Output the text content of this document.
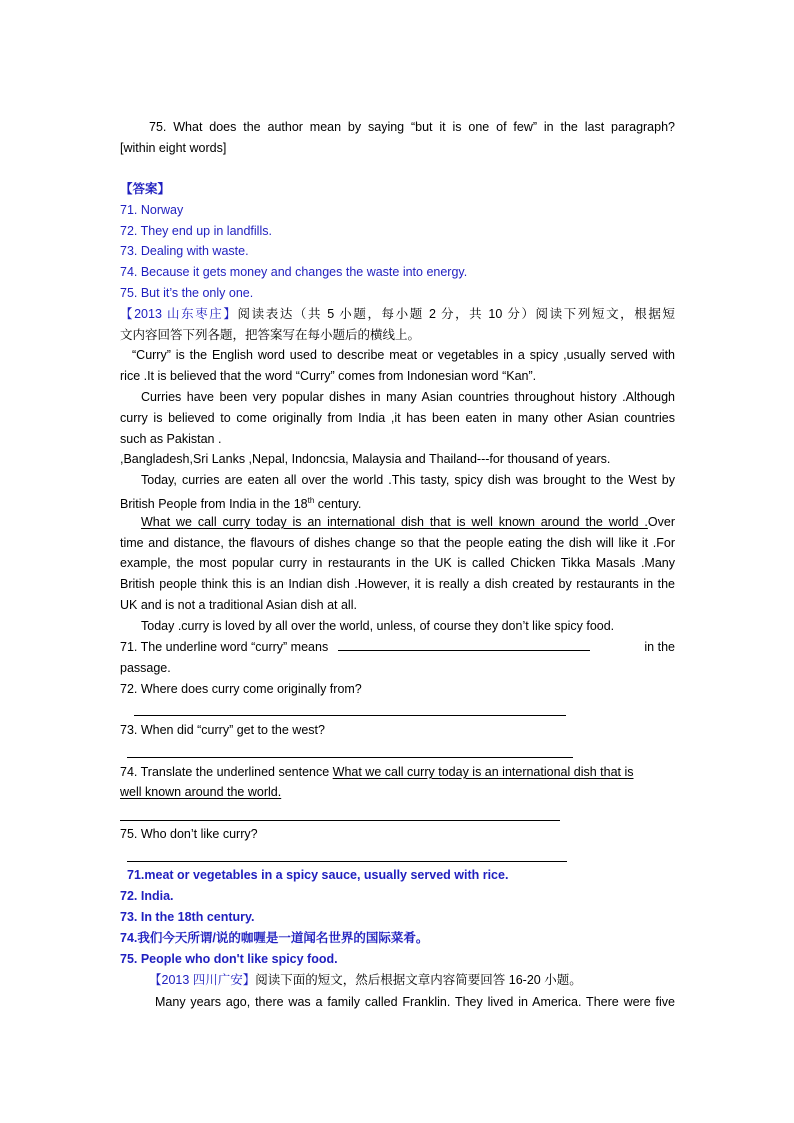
75. What does the author mean by saying “but it is one of few” in the last paragraph?
[within eight words]
【答案】
71. Norway
72. They end up in landfills.
73. Dealing with waste.
74. Because it gets money and changes the waste into energy.
75. But it’s the only one.
【2013 山东枣庄】阅读表达（共 5 小题，每小题 2 分，共 10 分）阅读下列短文，根据短
文内容回答下列各题，把答案写在每小题后的横线上。
“Curry” is the English word used to describe meat or vegetables in a spicy ,usually served with
rice .It is believed that the word “Curry” comes from Indonesian word “Kan”.
Curries have been very popular dishes in many Asian countries throughout history .Although
curry is believed to come originally from India ,it has been eaten in many other Asian countries
such as Pakistan .
,Bangladesh,Sri Lanks ,Nepal, Indoncsia, Malaysia and Thailand---for thousand of years.
Today, curries are eaten all over the world .This tasty, spicy dish was brought to the West by
British People from India in the 18th century.
What we call curry today is an international dish that is well known around the world .Over
time and distance, the flavours of dishes change so that the people eating the dish will like it .For
example, the most popular curry in restaurants in the UK is called Chicken Tikka Masals .Many
British people think this is an Indian dish .However, it is really a dish created by restaurants in the
UK and is not a traditional Asian dish at all.
Today .curry is loved by all over the world, unless, of course they don’t like spicy food.
71. The underline word “curry” means	in the
passage.
72. Where does curry come originally from?
73. When did “curry” get to the west?
74. Translate the underlined sentence What we call curry today is an international dish that is
well known around the world.
75. Who don’t like curry?
71.meat or vegetables in a spicy sauce, usually served with rice.
72. India.
73. In the 18th century.
74.我们今天所谓/说的咖喱是一道闻名世界的国际菜肴。
75. People who don't like spicy food.
【2013 四川广安】阅读下面的短文，然后根据文章内容简要回答 16-20 小题。
Many years ago, there was a family called Franklin. They lived in America. There were five
